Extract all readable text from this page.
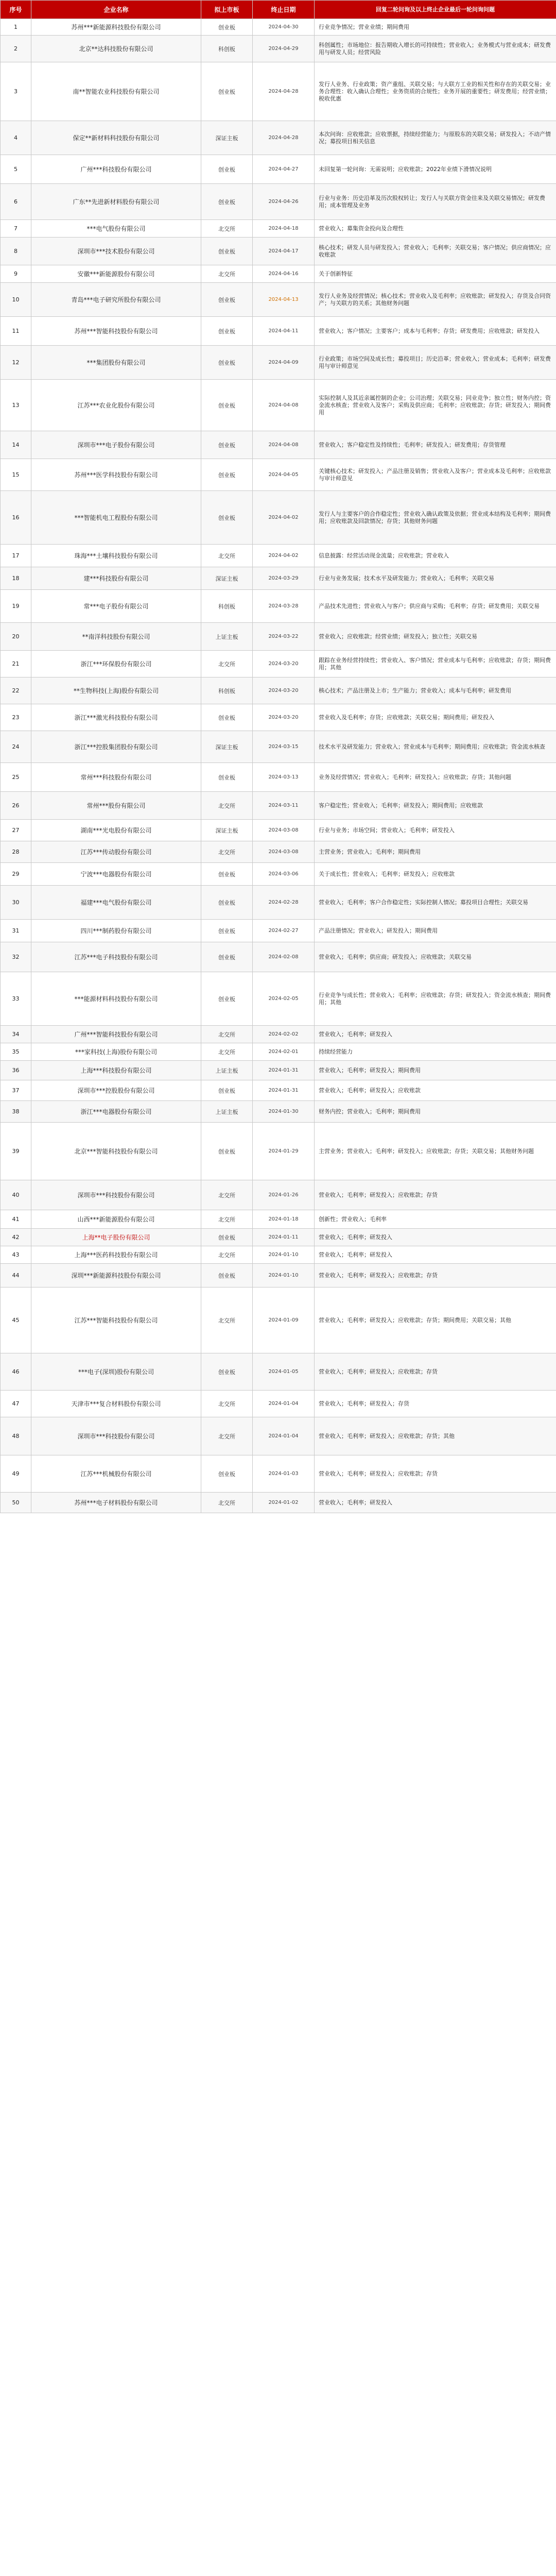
序号	企业名称	拟上市板	终止日期	回复二轮问询及以上终止企业最后一轮问询问题
1	苏州***新能源科技股份有限公司	创业板	2024-04-30	行业竞争情况；营业业绩；期间费用
2	北京**达科技股份有限公司	科创板	2024-04-29	科创属性；市场地位：报告期收入增长的可持续性；营业收入；业务模式与营业成本；研发费用与研发人员；经营风险
3	南**智能农业科技股份有限公司	创业板	2024-04-28	发行人业务、行业政策；资产重组、关联交易；与大联方工业的相关性和存在的关联交易；业务合理性：收入确认合理性；业务资质的合规性；业务开展的重要性；研发费用；经营业绩；税收优惠
4	保定**新材料科技股份有限公司	深证主板	2024-04-28	本次问询：应收账款；应收票据，持续经营能力；与原股东的关联交易；研发投入；不动产情况；募投项目相关信息
5	广州***科技股份有限公司	创业板	2024-04-27	未回复第一轮问询：无需说明；应收账款；2022年业绩下滑情况说明
6	广东**先进新材料股份有限公司	创业板	2024-04-26	行业与业务：历史沿革及历次股权转让；发行人与关联方资金往来及关联交易情况；研发费用；成本管理及业务
7	***电气股份有限公司	北交所	2024-04-18	营业收入；募集资金投向及合理性
8	深圳市***技术股份有限公司	创业板	2024-04-17	核心技术；研发人员与研发投入；营业收入；毛利率；关联交易；客户情况；供应商情况；应收账款
9	安徽***新能源股份有限公司	北交所	2024-04-16	关于创新特征
10	青岛***电子研究所股份有限公司	创业板	2024-04-13	发行人业务及经营情况；核心技术；营业收入及毛利率；应收账款；研发投入；存货及合同资产；与关联方的关系；其他财务问题
11	苏州***智能科技股份有限公司	创业板	2024-04-11	营业收入；客户情况；主要客户；成本与毛利率；存货；研发费用；应收账款；研发投入
12	***集团股份有限公司	创业板	2024-04-09	行业政策；市场空间及成长性；募投项目；历史沿革；营业收入；营业成本；毛利率；研发费用与审计师意见
13	江苏***农业化股份有限公司	创业板	2024-04-08	实际控制人及其近亲属控制的企业；公司治理；关联交易；同业竞争；独立性；财务内控；资金流水核查；营业收入及客户；采购及供应商；毛利率；应收账款；存货；研发投入；期间费用
14	深圳市***电子股份有限公司	创业板	2024-04-08	营业收入；客户稳定性及持续性；毛利率；研发投入；研发费用；存货管理
15	苏州***医学科技股份有限公司	创业板	2024-04-05	关键核心技术；研发投入；产品注册及销售；营业收入及客户；营业成本及毛利率；应收账款与审计师意见
16	***智能机电工程股份有限公司	创业板	2024-04-02	发行人与主要客户的合作稳定性；营业收入确认政策及依据；营业成本结构及毛利率；期间费用；应收账款及回款情况；存货；其他财务问题
17	珠海***土壤科技股份有限公司	北交所	2024-04-02	信息披露：经营活动现金流量；应收账款；营业收入
18	建***科技股份有限公司	深证主板	2024-03-29	行业与业务发展；技术水平及研发能力；营业收入；毛利率；关联交易
19	常***电子股份有限公司	科创板	2024-03-28	产品技术先进性；营业收入与客户；供应商与采购；毛利率；存货；研发费用；关联交易
20	**南洋科技股份有限公司	上证主板	2024-03-22	营业收入；应收账款；经营业绩；研发投入；独立性；关联交易
21	浙江***环保股份有限公司	北交所	2024-03-20	跟踪在业务经营持续性；营业收入、客户情况；营业成本与毛利率；应收账款；存货；期间费用；其他
22	**生物科技(上海)股份有限公司	科创板	2024-03-20	核心技术；产品注册及上市；生产能力；营业收入；成本与毛利率；研发费用
23	浙江***激光科技股份有限公司	创业板	2024-03-20	营业收入及毛利率；存货；应收账款；关联交易；期间费用；研发投入
24	浙江***控股集团股份有限公司	深证主板	2024-03-15	技术水平及研发能力；营业收入；营业成本与毛利率；期间费用；应收账款；资金流水核查
25	常州***科技股份有限公司	创业板	2024-03-13	业务及经营情况；营业收入；毛利率；研发投入；应收账款；存货；其他问题
26	常州***股份有限公司	北交所	2024-03-11	客户稳定性；营业收入；毛利率；研发投入；期间费用；应收账款
27	湖南***光电股份有限公司	深证主板	2024-03-08	行业与业务；市场空间；营业收入；毛利率；研发投入
28	江苏***传动股份有限公司	北交所	2024-03-08	主营业务；营业收入；毛利率；期间费用
29	宁波***电器股份有限公司	创业板	2024-03-06	关于成长性；营业收入；毛利率；研发投入；应收账款
30	福建***电气股份有限公司	创业板	2024-02-28	营业收入；毛利率；客户合作稳定性；实际控制人情况；募投项目合理性；关联交易
31	四川***制药股份有限公司	创业板	2024-02-27	产品注册情况；营业收入；研发投入；期间费用
32	江苏***电子科技股份有限公司	创业板	2024-02-08	营业收入；毛利率；供应商；研发投入；应收账款；关联交易
33	***能源材料科技股份有限公司	创业板	2024-02-05	行业竞争与成长性；营业收入；毛利率；应收账款；存货；研发投入；资金流水核查；期间费用；其他
34	广州***智能科技股份有限公司	北交所	2024-02-02	营业收入；毛利率；研发投入
35	***家科技(上海)股份有限公司	北交所	2024-02-01	持续经营能力
36	上海***科技股份有限公司	上证主板	2024-01-31	营业收入；毛利率；研发投入；期间费用
37	深圳市***控股股份有限公司	创业板	2024-01-31	营业收入；毛利率；研发投入；应收账款
38	浙江***电器股份有限公司	上证主板	2024-01-30	财务内控；营业收入；毛利率；期间费用
39	北京***智能科技股份有限公司	创业板	2024-01-29	主营业务；营业收入；毛利率；研发投入；应收账款；存货；关联交易；其他财务问题
40	深圳市***科技股份有限公司	北交所	2024-01-26	营业收入；毛利率；研发投入；应收账款；存货
41	山西***新能源股份有限公司	北交所	2024-01-18	创新性；营业收入；毛利率
42	上海**电子股份有限公司	创业板	2024-01-11	营业收入；毛利率；研发投入
43	上海***医药科技股份有限公司	北交所	2024-01-10	营业收入；毛利率；研发投入
44	深圳***新能源科技股份有限公司	创业板	2024-01-10	营业收入；毛利率；研发投入；应收账款；存货
45	江苏***智能科技股份有限公司	北交所	2024-01-09	营业收入；毛利率；研发投入；应收账款；存货；期间费用；关联交易；其他
46	***电子(深圳)股份有限公司	创业板	2024-01-05	营业收入；毛利率；研发投入；应收账款；存货
47	天津市***复合材料股份有限公司	北交所	2024-01-04	营业收入；毛利率；研发投入；存货
48	深圳市***科技股份有限公司	北交所	2024-01-04	营业收入；毛利率；研发投入；应收账款；存货；其他
49	江苏***机械股份有限公司	创业板	2024-01-03	营业收入；毛利率；研发投入；应收账款；存货
50	苏州***电子材料股份有限公司	北交所	2024-01-02	营业收入；毛利率；研发投入
